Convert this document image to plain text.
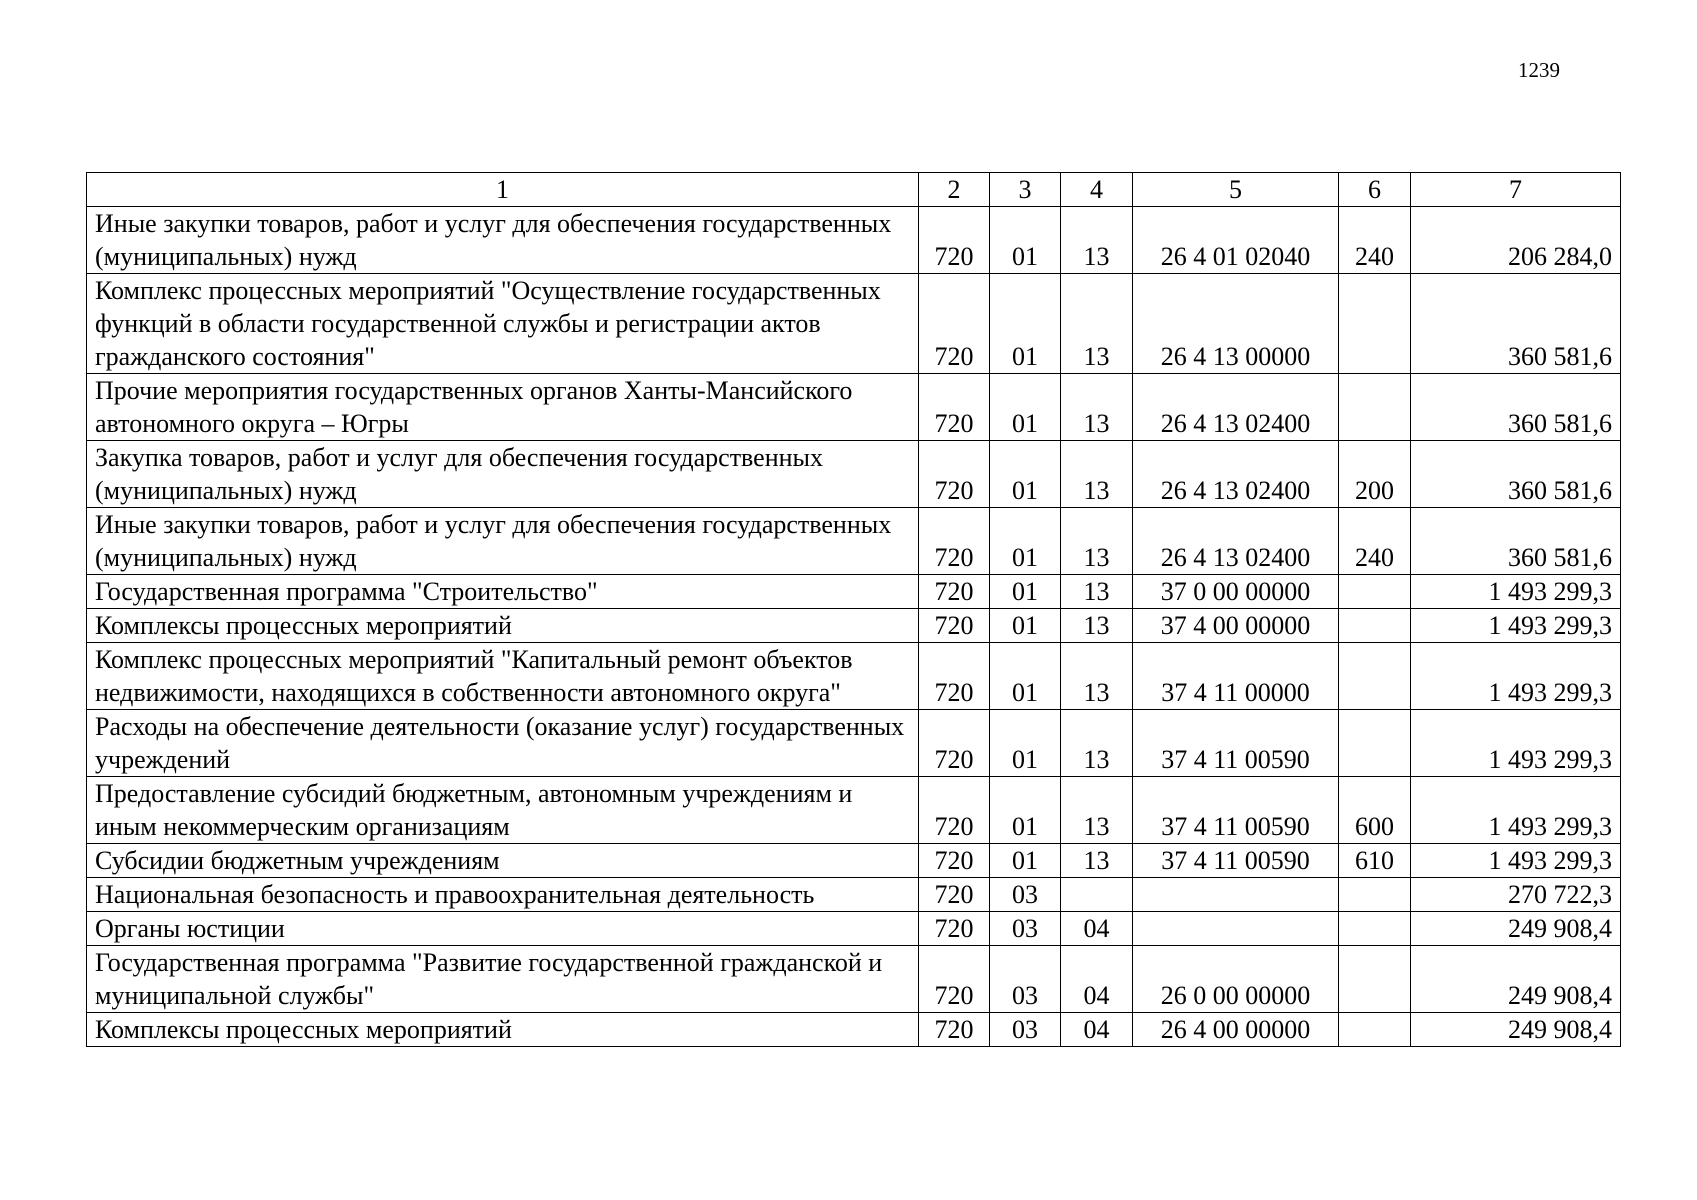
1239
1	2	3	4	5	6	7
Иные закупки товаров, работ и услуг для обеспечения государственных (муниципальных) нужд	720	01	13	26 4 01 02040	240	206 284,0
Комплекс процессных мероприятий "Осуществление государственных функций в области государственной службы и регистрации актов гражданского состояния"	720	01	13	26 4 13 00000		360 581,6
Прочие мероприятия государственных органов Ханты-Мансийского автономного округа – Югры	720	01	13	26 4 13 02400		360 581,6
Закупка товаров, работ и услуг для обеспечения государственных (муниципальных) нужд	720	01	13	26 4 13 02400	200	360 581,6
Иные закупки товаров, работ и услуг для обеспечения государственных (муниципальных) нужд	720	01	13	26 4 13 02400	240	360 581,6
Государственная программа "Строительство"	720	01	13	37 0 00 00000		1 493 299,3
Комплексы процессных мероприятий	720	01	13	37 4 00 00000		1 493 299,3
Комплекс процессных мероприятий "Капитальный ремонт объектов недвижимости, находящихся в собственности автономного округа"	720	01	13	37 4 11 00000		1 493 299,3
Расходы на обеспечение деятельности (оказание услуг) государственных учреждений	720	01	13	37 4 11 00590		1 493 299,3
Предоставление субсидий бюджетным, автономным учреждениям и иным некоммерческим организациям	720	01	13	37 4 11 00590	600	1 493 299,3
Субсидии бюджетным учреждениям	720	01	13	37 4 11 00590	610	1 493 299,3
Национальная безопасность и правоохранительная деятельность	720	03				270 722,3
Органы юстиции	720	03	04			249 908,4
Государственная программа "Развитие государственной гражданской и муниципальной службы"	720	03	04	26 0 00 00000		249 908,4
Комплексы процессных мероприятий	720	03	04	26 4 00 00000		249 908,4
